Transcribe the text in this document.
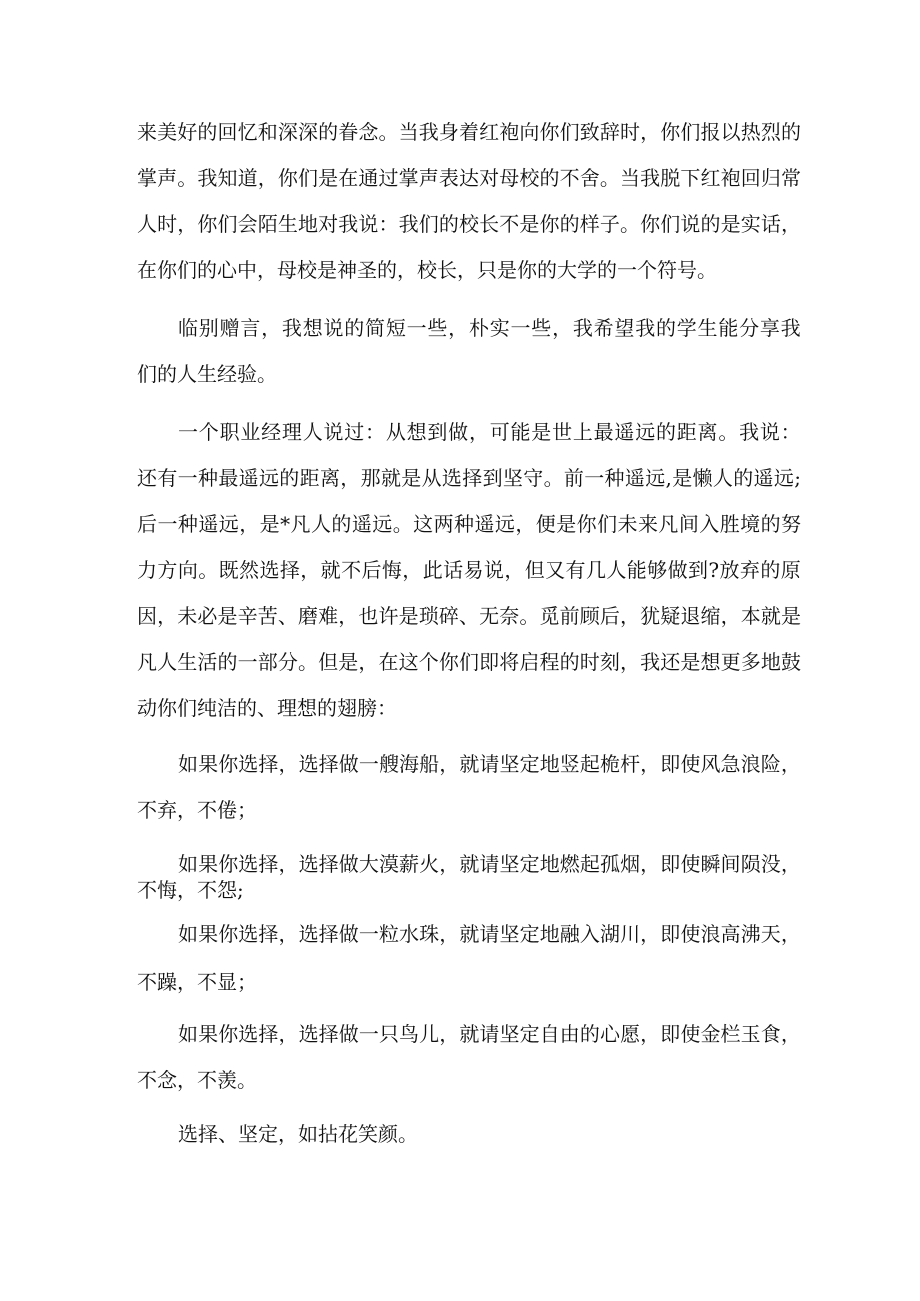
来 美 好 的 回 忆 和 深 深 的 眷 念 。 当 我 身 着 红 袍 向 你 们 致 辞 时 ， 你 们 报 以 热 烈 的
掌 声 。 我 知 道 ， 你 们 是 在 通 过 掌 声 表 达 对 母 校 的 不 舍 。 当 我 脱 下 红 袍 回 归 常
人 时 ， 你 们 会 陌 生 地 对 我 说 ： 我 们 的 校 长 不 是 你 的 样 子 。 你 们 说 的 是 实 话 ，
在你们的心中，母校是神圣的，校长，只是你的大学的一个符号。
临 别 赠 言 ， 我 想 说 的 简 短 一 些 ， 朴 实 一 些 ， 我 希 望 我 的 学 生 能 分 享 我
们的人生经验。
一 个 职 业 经 理 人 说 过 ： 从 想 到 做 ， 可 能 是 世 上 最 遥 远 的 距 离 。 我 说 ：
还 有 一 种 最 遥 远 的 距 离 ， 那 就 是 从 选 择 到 坚 守 。 前 一 种 遥 远 , 是 懒 人 的 遥 远 ;
后 一 种 遥 远 ， 是 * 凡 人 的 遥 远 。 这 两 种 遥 远 ， 便 是 你 们 未 来 凡 间 入 胜 境 的 努
力 方 向 。 既 然 选 择 ， 就 不 后 悔 ， 此 话 易 说 ， 但 又 有 几 人 能 够 做 到 ? 放 弃 的 原
因 ， 未 必 是 辛 苦 、 磨 难 ， 也 许 是 琐 碎 、 无 奈 。 觅 前 顾 后 ， 犹 疑 退 缩 ， 本 就 是
凡 人 生 活 的 一 部 分 。 但 是 ， 在 这 个 你 们 即 将 启 程 的 时 刻 ， 我 还 是 想 更 多 地 鼓
动你们纯洁的、理想的翅膀：
如 果 你 选 择 ， 选 择 做 一 艘 海 船 ， 就 请 坚 定 地 竖 起 桅 杆 ， 即 使 风 急 浪 险 ，
不弃，不倦；
如 果 你 选 择 ， 选 择 做 大 漠 薪 火 ， 就 请 坚 定 地 燃 起 孤 烟 ， 即 使 瞬 间 陨 没 ，
不悔，不怨;
如 果 你 选 择 ， 选 择 做 一 粒 水 珠 ， 就 请 坚 定 地 融 入 湖 川 ， 即 使 浪 高 沸 天 ，
不躁，不显；
如 果 你 选 择 ， 选 择 做 一 只 鸟 儿 ， 就 请 坚 定 自 由 的 心 愿 ， 即 使 金 栏 玉 食 ，
不念，不羡。
选择、坚定，如拈花笑颜。
